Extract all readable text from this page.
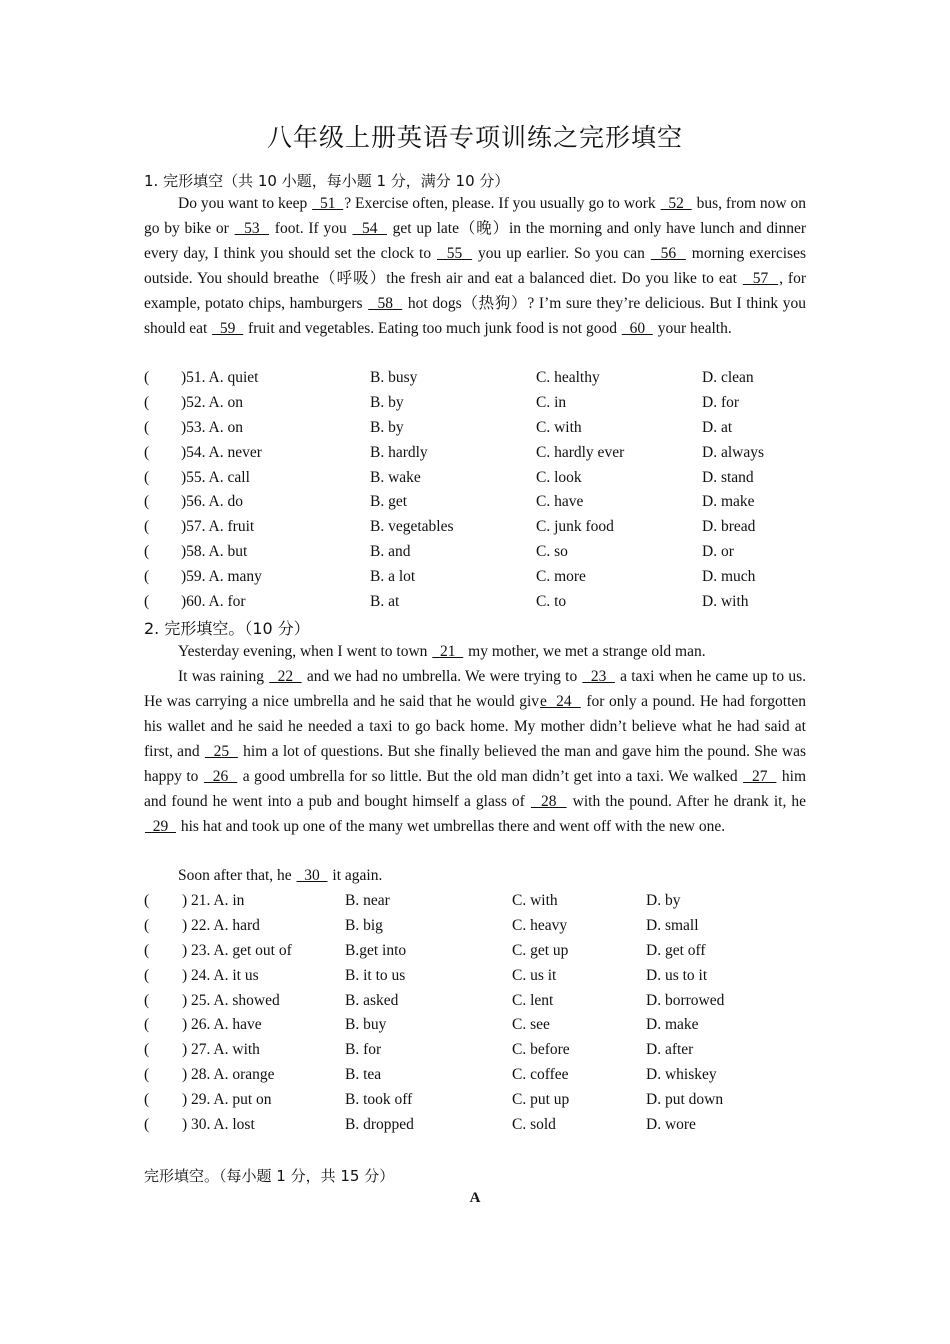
八年级上册英语专项训练之完形填空
1. 完形填空（共 10 小题，每小题 1 分，满分 10 分）
Do you want to keep   51  ? Exercise often, please. If you usually go to work   52   bus, from now on go by bike or   53   foot. If you   54   get up late（晚）in the morning and only have lunch and dinner every day, I think you should set the clock to   55   you up earlier. So you can   56   morning exercises outside. You should breathe（呼吸）the fresh air and eat a balanced diet. Do you like to eat   57  , for example, potato chips, hamburgers   58   hot dogs（热狗）? I’m sure they’re delicious. But I think you should eat   59   fruit and vegetables. Eating too much junk food is not good   60   your health.
( )51. A. quiet	B. busy	C. healthy	D. clean
( )52. A. on	B. by	C. in	D. for
( )53. A. on	B. by	C. with	D. at
( )54. A. never	B. hardly	C. hardly ever	D. always
( )55. A. call	B. wake	C. look	D. stand
( )56. A. do	B. get	C. have	D. make
( )57. A. fruit	B. vegetables	C. junk food	D. bread
( )58. A. but	B. and	C. so	D. or
( )59. A. many	B. a lot	C. more	D. much
( )60. A. for	B. at	C. to	D. with
2. 完形填空。（10 分）
Yesterday evening, when I went to town   21   my mother, we met a strange old man.
It was raining   22   and we had no umbrella. We were trying to   23   a taxi when he came up to us. He was carrying a nice umbrella and he said that he would give  24   for only a pound. He had forgotten his wallet and he said he needed a taxi to go back home. My mother didn’t believe what he had said at first, and   25   him a lot of questions. But she finally believed the man and gave him the pound. She was happy to   26   a good umbrella for so little. But the old man didn’t get into a taxi. We walked   27   him and found he went into a pub and bought himself a glass of   28   with the pound. After he drank it, he   29   his hat and took up one of the many wet umbrellas there and went off with the new one.
Soon after that, he   30   it again.
( ) 21. A. in	B. near	C. with	D. by
( ) 22. A. hard	B. big	C. heavy	D. small
( ) 23. A. get out of	B.get into	C. get up	D. get off
( ) 24. A. it us	B. it to us	C. us it	D. us to it
( ) 25. A. showed	B. asked	C. lent	D. borrowed
( ) 26. A. have	B. buy	C. see	D. make
( ) 27. A. with	B. for	C. before	D. after
( ) 28. A. orange	B. tea	C. coffee	D. whiskey
( ) 29. A. put on	B. took off	C. put up	D. put down
( ) 30. A. lost	B. dropped	C. sold	D. wore
完形填空。（每小题 1 分，共 15 分）
A
